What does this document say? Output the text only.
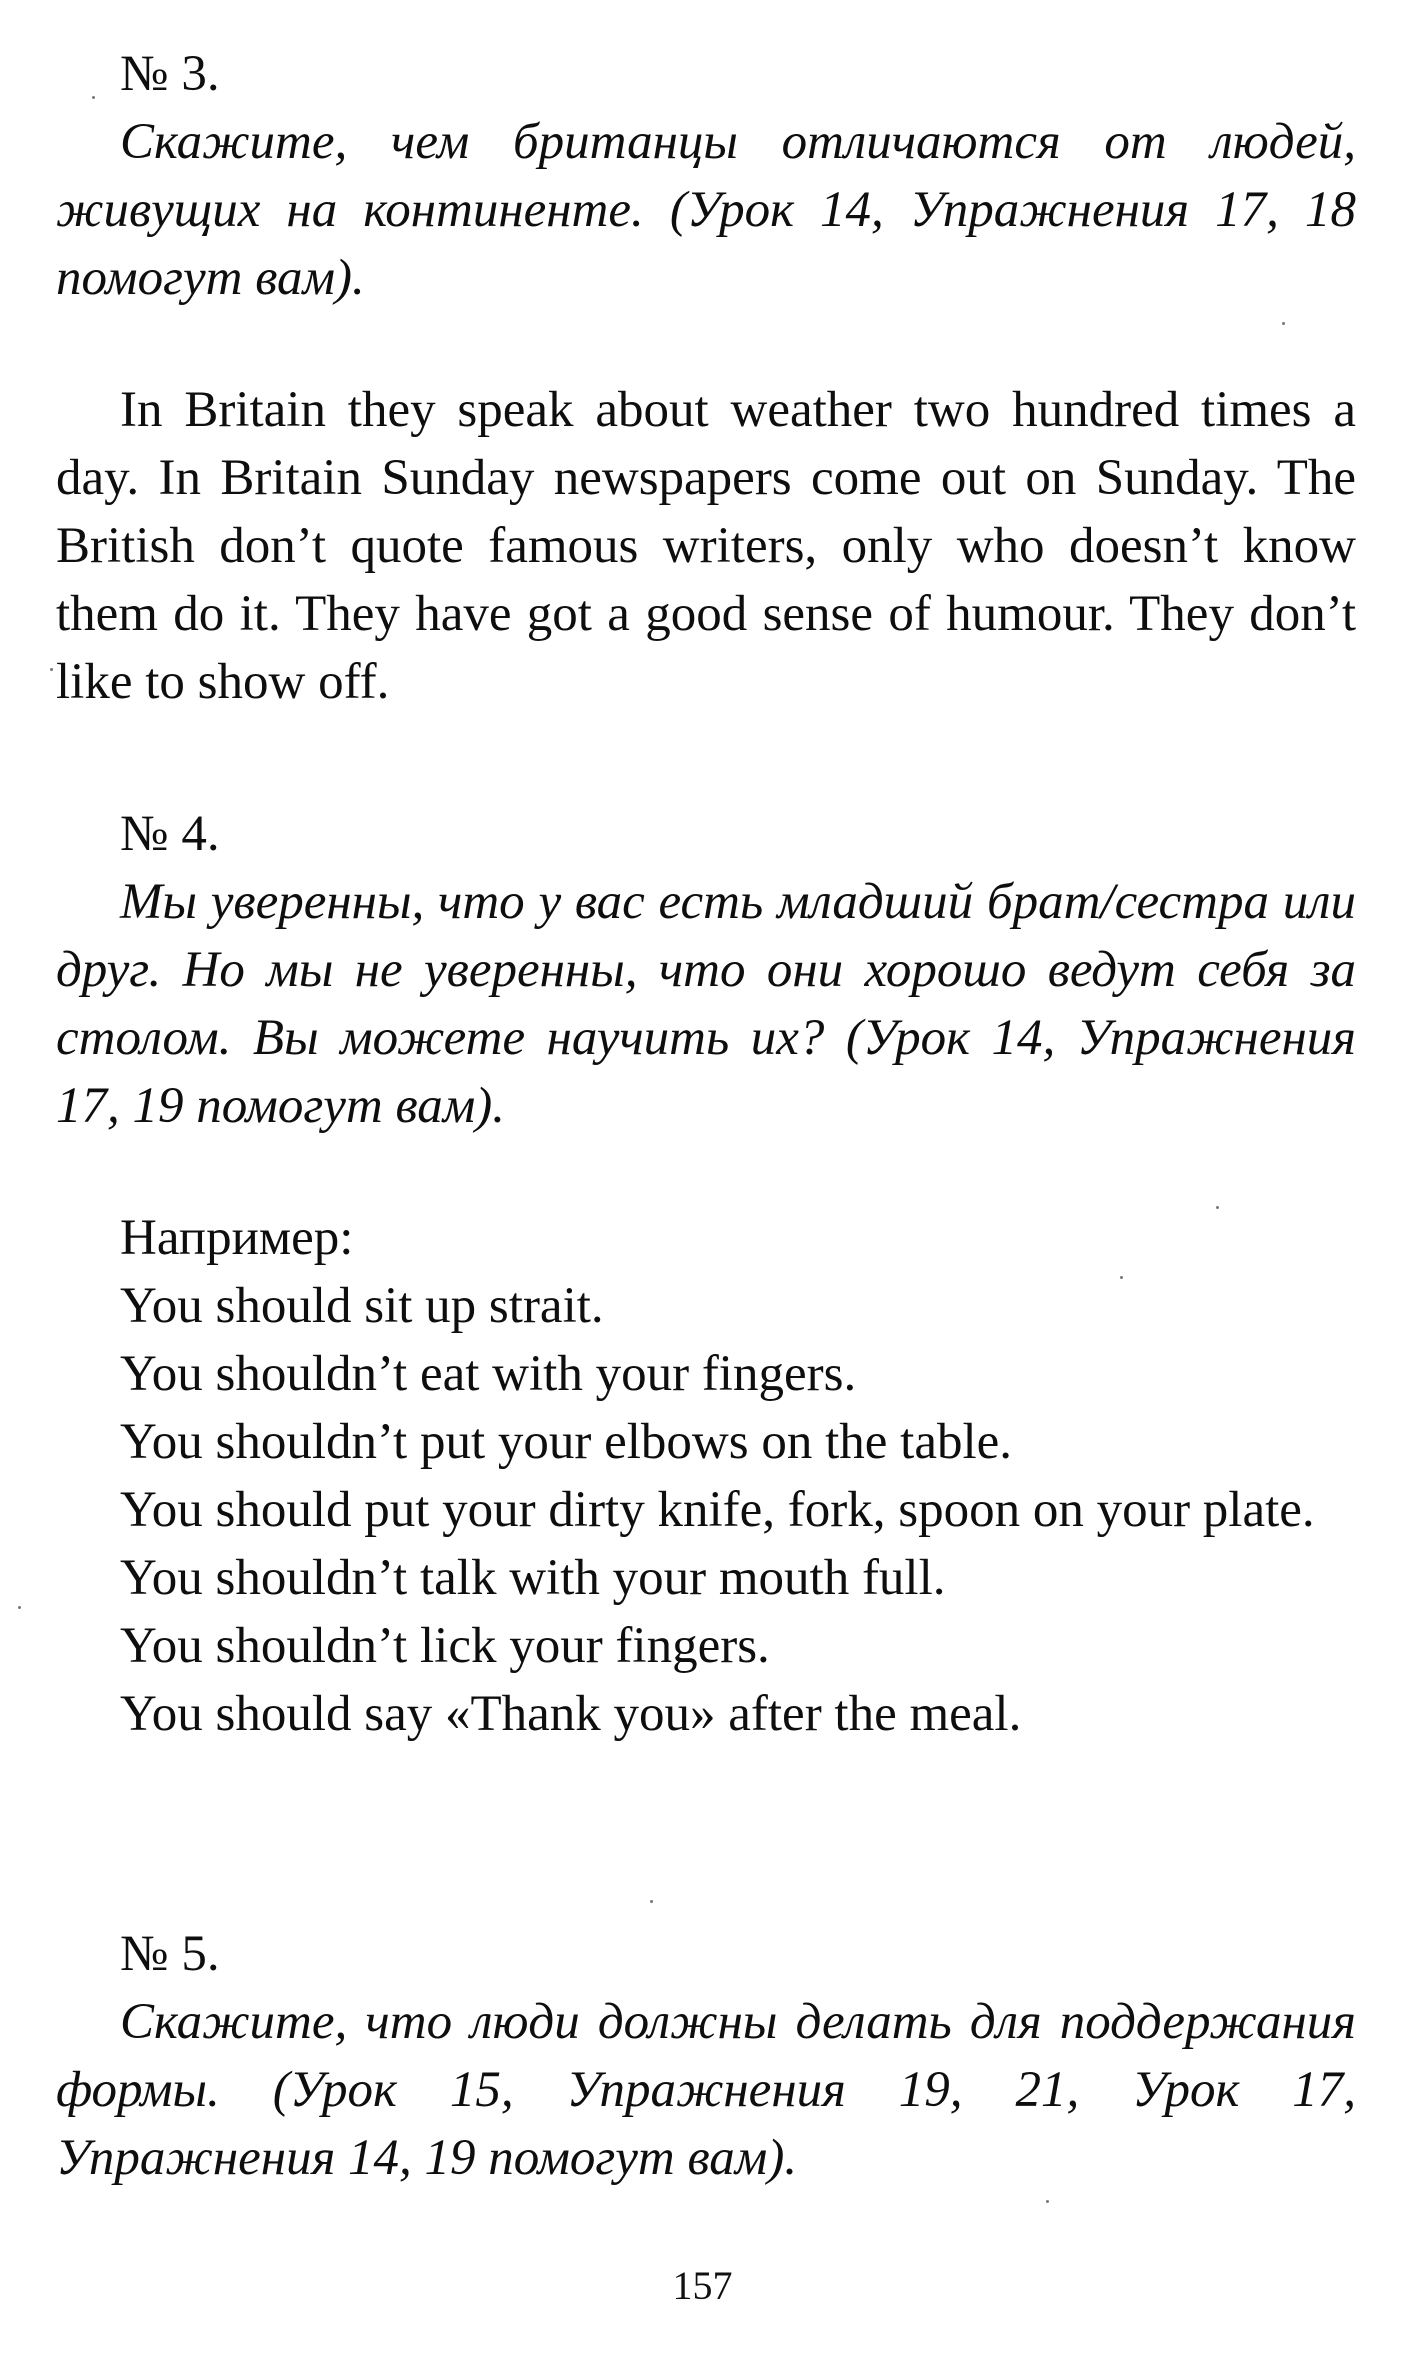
№ 3.

Скажите, чем британцы отличаются от людей, живущих на континенте. (Урок 14, Упражнения 17, 18 помогут вам).

In Britain they speak about weather two hundred times a day. In Britain Sunday newspapers come out on Sunday. The British don’t quote famous writers, only who doesn’t know them do it. They have got a good sense of humour. They don’t like to show off.

№ 4.

Мы уверенны, что у вас есть младший брат/сестра или друг. Но мы не уверенны, что они хорошо ведут себя за столом. Вы можете научить их? (Урок 14, Упражнения 17, 19 помогут вам).

Например:

You should sit up strait.

You shouldn’t eat with your fingers.

You shouldn’t put your elbows on the table.

You should put your dirty knife, fork, spoon on your plate.

You shouldn’t talk with your mouth full.

You shouldn’t lick your fingers.

You should say «Thank you» after the meal.

№ 5.

Скажите, что люди должны делать для поддержания формы. (Урок 15, Упражнения 19, 21, Урок 17, Упражнения 14, 19 помогут вам).

157
